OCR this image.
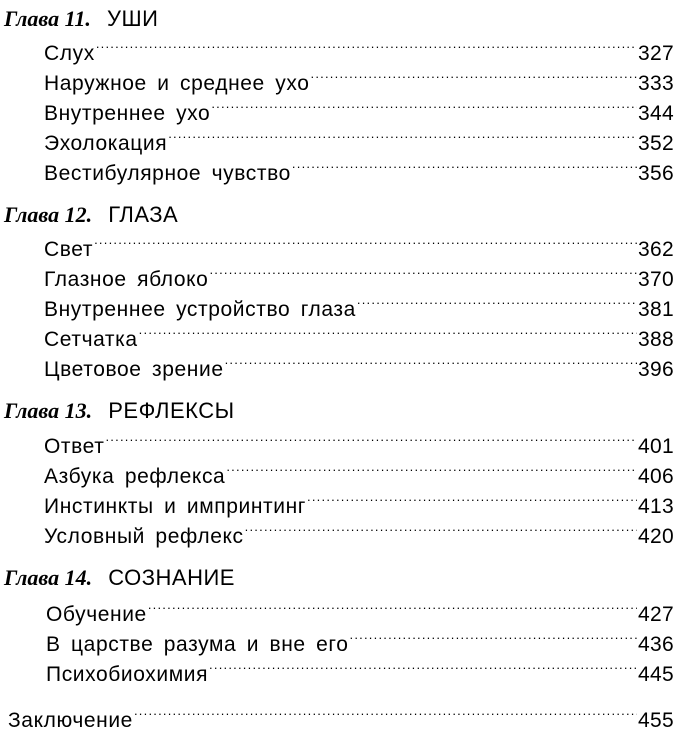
Глава 11. УШИ
Слух . . .	327
Наружное и среднее ухо . . .	333
Внутреннее ухо . . .	344
Эхолокация . . .	352
Вестибулярное чувство . . .	356
Глава 12. ГЛАЗА
Свет . . .	362
Глазное яблоко . . .	370
Внутреннее устройство глаза . . .	381
Сетчатка . . .	388
Цветовое зрение . . .	396
Глава 13. РЕФЛЕКСЫ
Ответ . . .	401
Азбука рефлекса . . .	406
Инстинкты и импринтинг . . .	413
Условный рефлекс . . .	420
Глава 14. СОЗНАНИЕ
Обучение . . .	427
В царстве разума и вне его . . .	436
Психобиохимия . . .	445
Заключение . . .	455
